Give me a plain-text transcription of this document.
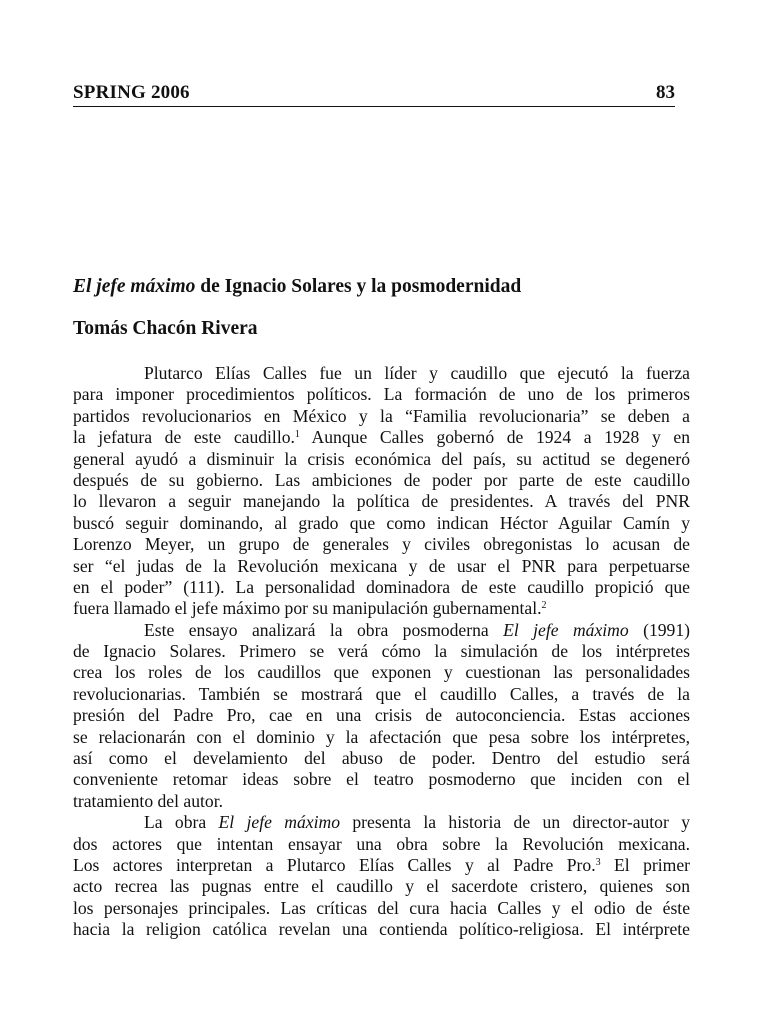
SPRING 2006	83
El jefe máximo de Ignacio Solares y la posmodernidad
Tomás Chacón Rivera
Plutarco Elías Calles fue un líder y caudillo que ejecutó la fuerza
para imponer procedimientos políticos. La formación de uno de los primeros
partidos revolucionarios en México y la “Familia revolucionaria” se deben a
la jefatura de este caudillo.$^1$ Aunque Calles gobernó de 1924 a 1928 y en
general ayudó a disminuir la crisis económica del país, su actitud se degeneró
después de su gobierno. Las ambiciones de poder por parte de este caudillo
lo llevaron a seguir manejando la política de presidentes. A través del PNR
buscó seguir dominando, al grado que como indican Héctor Aguilar Camín y
Lorenzo Meyer, un grupo de generales y civiles obregonistas lo acusan de
ser “el judas de la Revolución mexicana y de usar el PNR para perpetuarse
en el poder” (111). La personalidad dominadora de este caudillo propició que
fuera llamado el jefe máximo por su manipulación gubernamental.$^2$
Este ensayo analizará la obra posmoderna El jefe máximo (1991)
de Ignacio Solares. Primero se verá cómo la simulación de los intérpretes
crea los roles de los caudillos que exponen y cuestionan las personalidades
revolucionarias. También se mostrará que el caudillo Calles, a través de la
presión del Padre Pro, cae en una crisis de autoconciencia. Estas acciones
se relacionarán con el dominio y la afectación que pesa sobre los intérpretes,
así como el develamiento del abuso de poder. Dentro del estudio será
conveniente retomar ideas sobre el teatro posmoderno que inciden con el
tratamiento del autor.
La obra El jefe máximo presenta la historia de un director-autor y
dos actores que intentan ensayar una obra sobre la Revolución mexicana.
Los actores interpretan a Plutarco Elías Calles y al Padre Pro.$^3$ El primer
acto recrea las pugnas entre el caudillo y el sacerdote cristero, quienes son
los personajes principales. Las críticas del cura hacia Calles y el odio de éste
hacia la religion católica revelan una contienda político-religiosa. El intérprete
